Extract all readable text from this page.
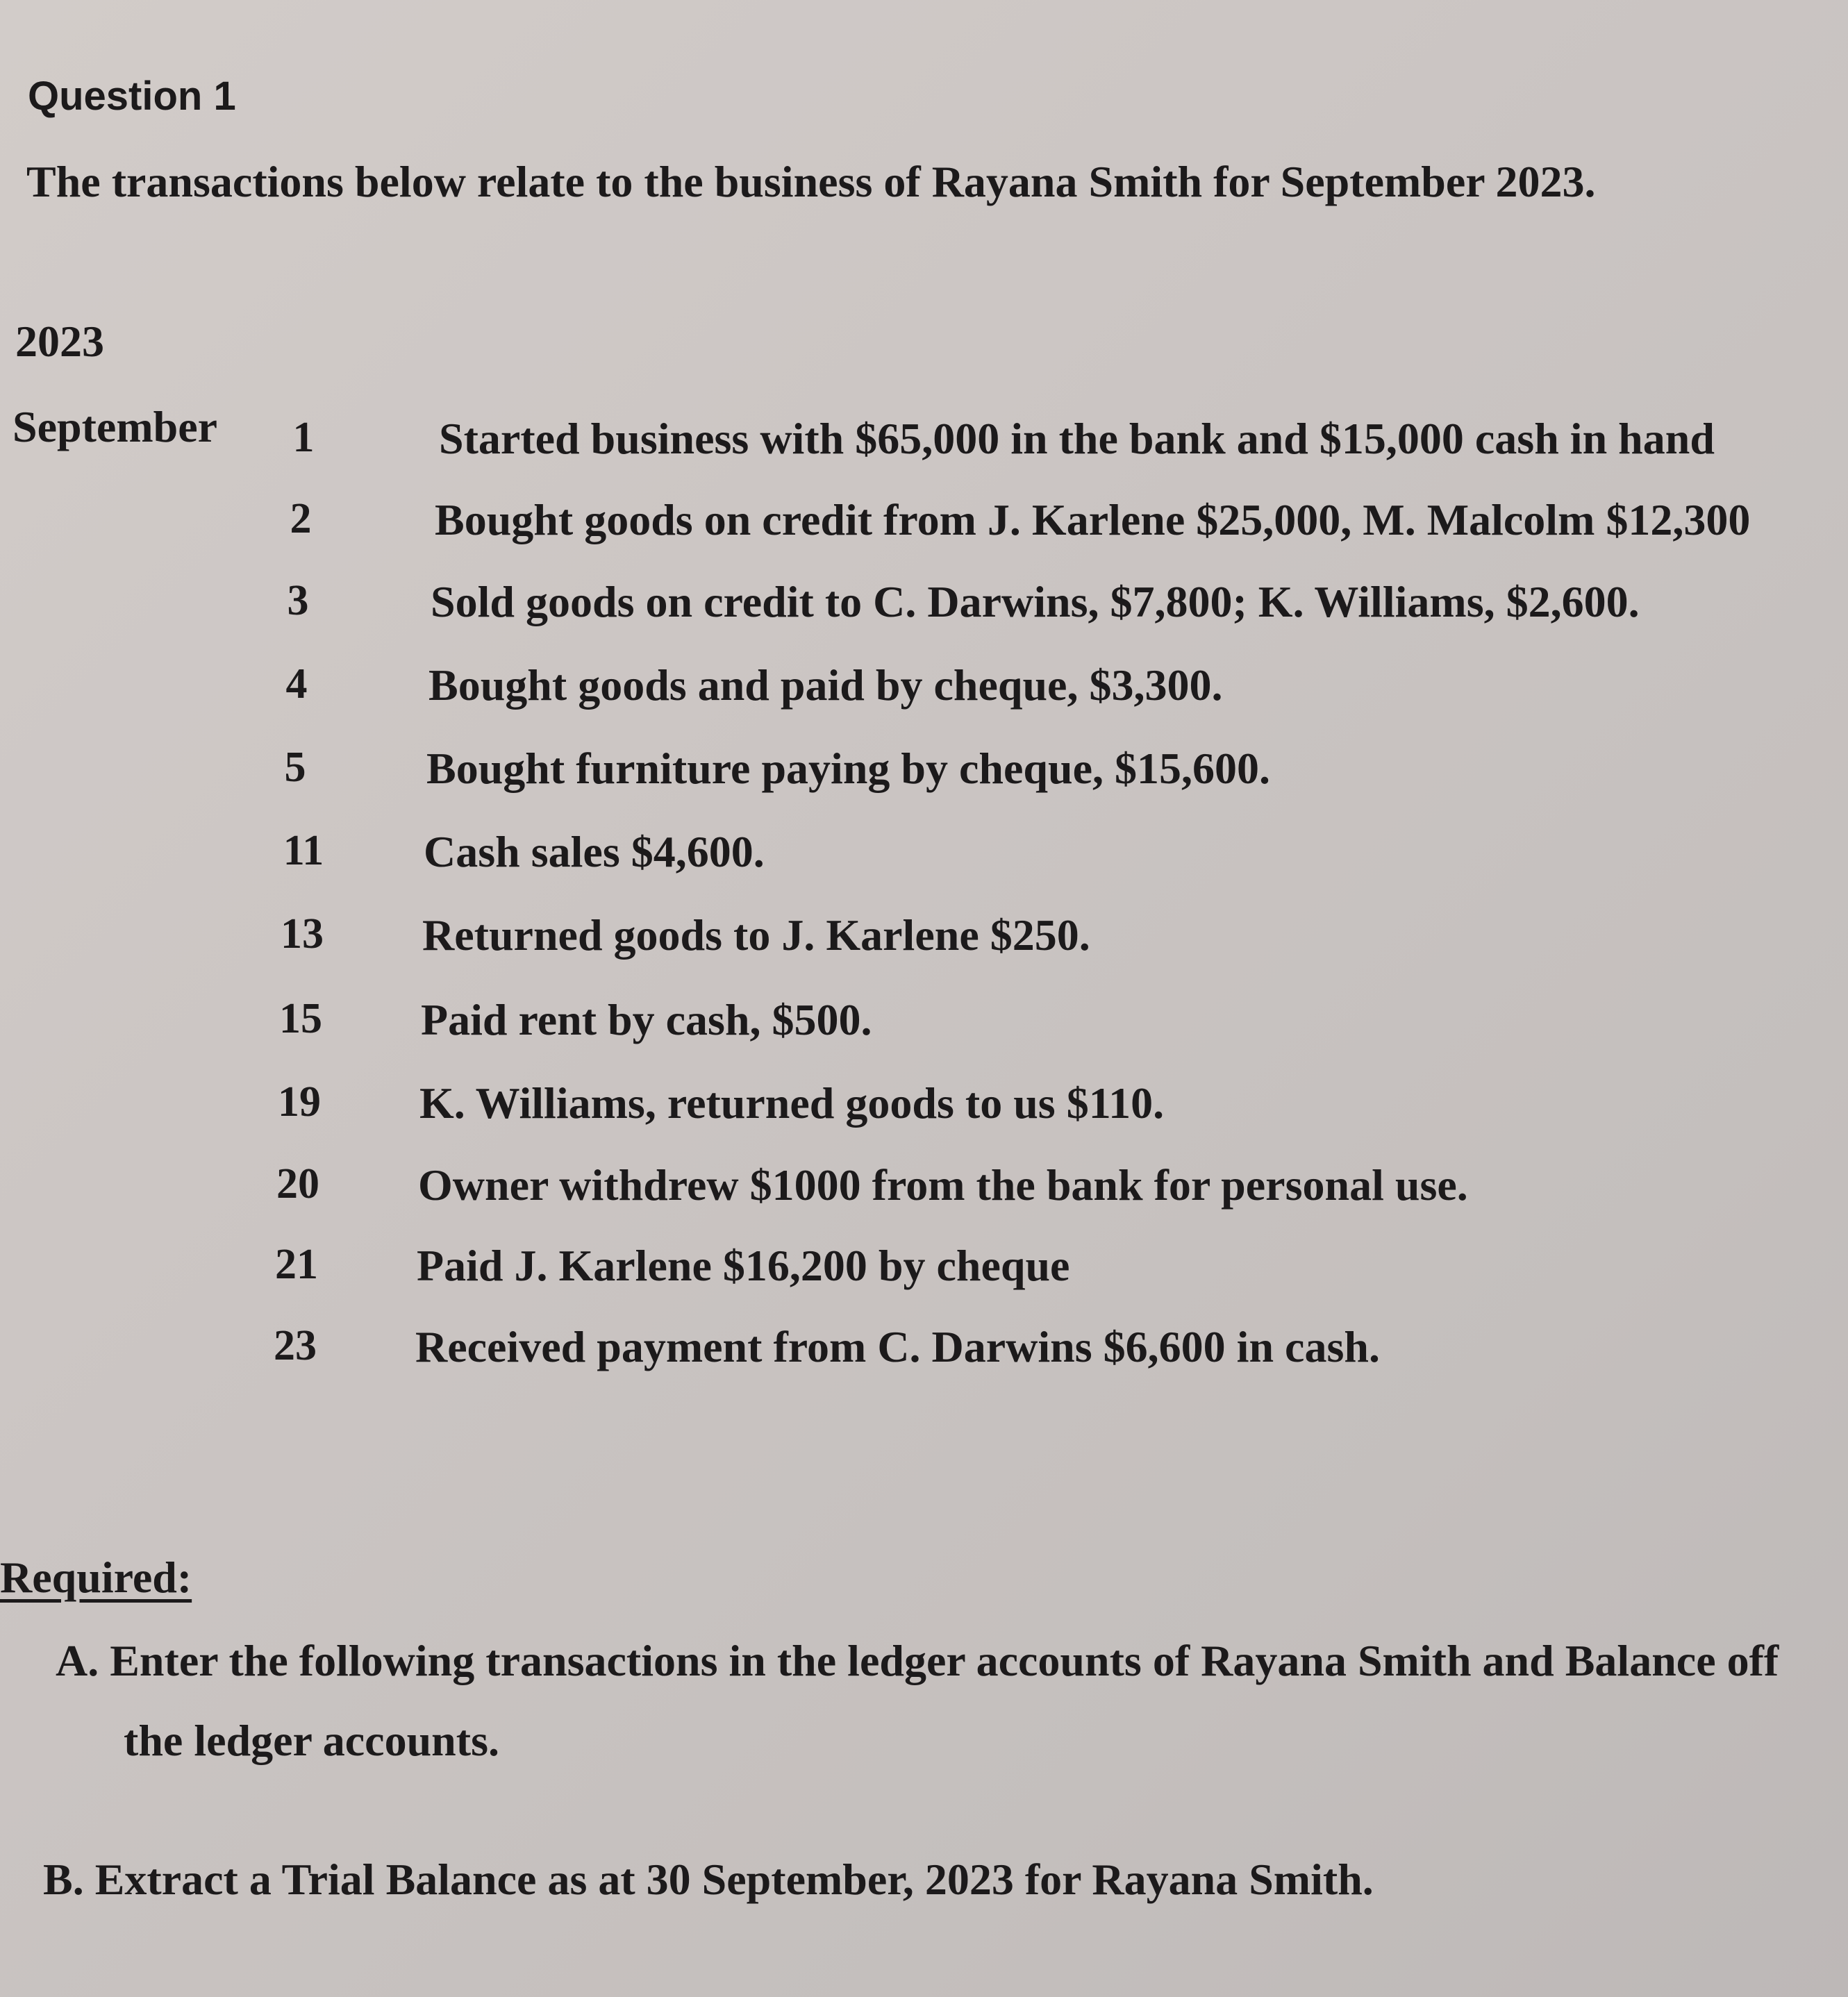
Question 1

The transactions below relate to the business of Rayana Smith for September 2023.

2023

September	1	Started business with $65,000 in the bank and $15,000 cash in hand
2	Bought goods on credit from J. Karlene $25,000, M. Malcolm $12,300
3	Sold goods on credit to C. Darwins, $7,800; K. Williams, $2,600.
4	Bought goods and paid by cheque, $3,300.
5	Bought furniture paying by cheque, $15,600.
11	Cash sales $4,600.
13	Returned goods to J. Karlene $250.
15	Paid rent by cash, $500.
19	K. Williams, returned goods to us $110.
20	Owner withdrew $1000 from the bank for personal use.
21	Paid J. Karlene $16,200 by cheque
23	Received payment from C. Darwins $6,600 in cash.

Required:

A. Enter the following transactions in the ledger accounts of Rayana Smith and Balance off

the ledger accounts.

B. Extract a Trial Balance as at 30 September, 2023 for Rayana Smith.
